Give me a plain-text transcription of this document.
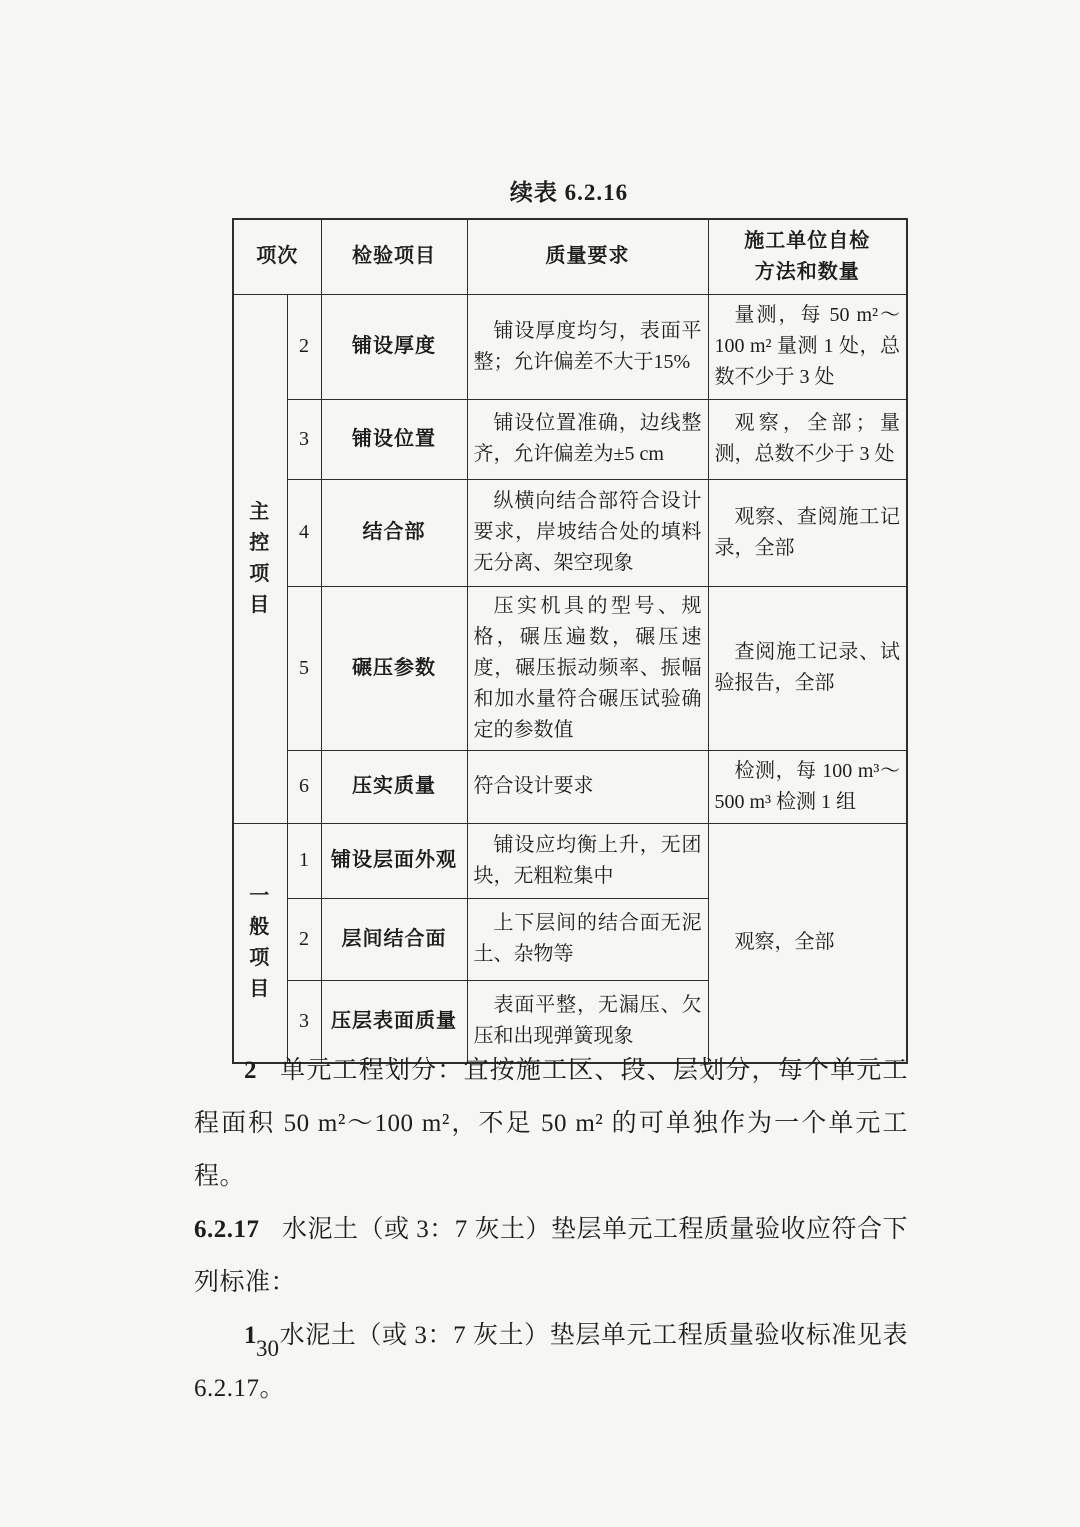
续表 6.2.16
项次		检验项目	质量要求	施工单位自检
方法和数量

主控项目	2	铺设厚度	铺设厚度均匀，表面平整；允许偏差不大于15%	量测，每 50 m²～100 m² 量测 1 处，总数不少于 3 处
	3	铺设位置	铺设位置准确，边线整齐，允许偏差为±5 cm	观察，全部；量测，总数不少于 3 处
	4	结合部	纵横向结合部符合设计要求，岸坡结合处的填料无分离、架空现象	观察、查阅施工记录，全部
	5	碾压参数	压实机具的型号、规格，碾压遍数，碾压速度，碾压振动频率、振幅和加水量符合碾压试验确定的参数值	查阅施工记录、试验报告，全部
	6	压实质量	符合设计要求	检测，每 100 m³～500 m³ 检测 1 组
一般项目	1	铺设层面外观	铺设应均衡上升，无团块，无粗粒集中	观察，全部
	2	层间结合面	上下层间的结合面无泥土、杂物等	
	3	压层表面质量	表面平整，无漏压、欠压和出现弹簧现象	

2 单元工程划分：宜按施工区、段、层划分，每个单元工程面积 50 m²～100 m²，不足 50 m² 的可单独作为一个单元工程。

6.2.17 水泥土（或 3：7 灰土）垫层单元工程质量验收应符合下列标准：

1 水泥土（或 3：7 灰土）垫层单元工程质量验收标准见表 6.2.17。

30
